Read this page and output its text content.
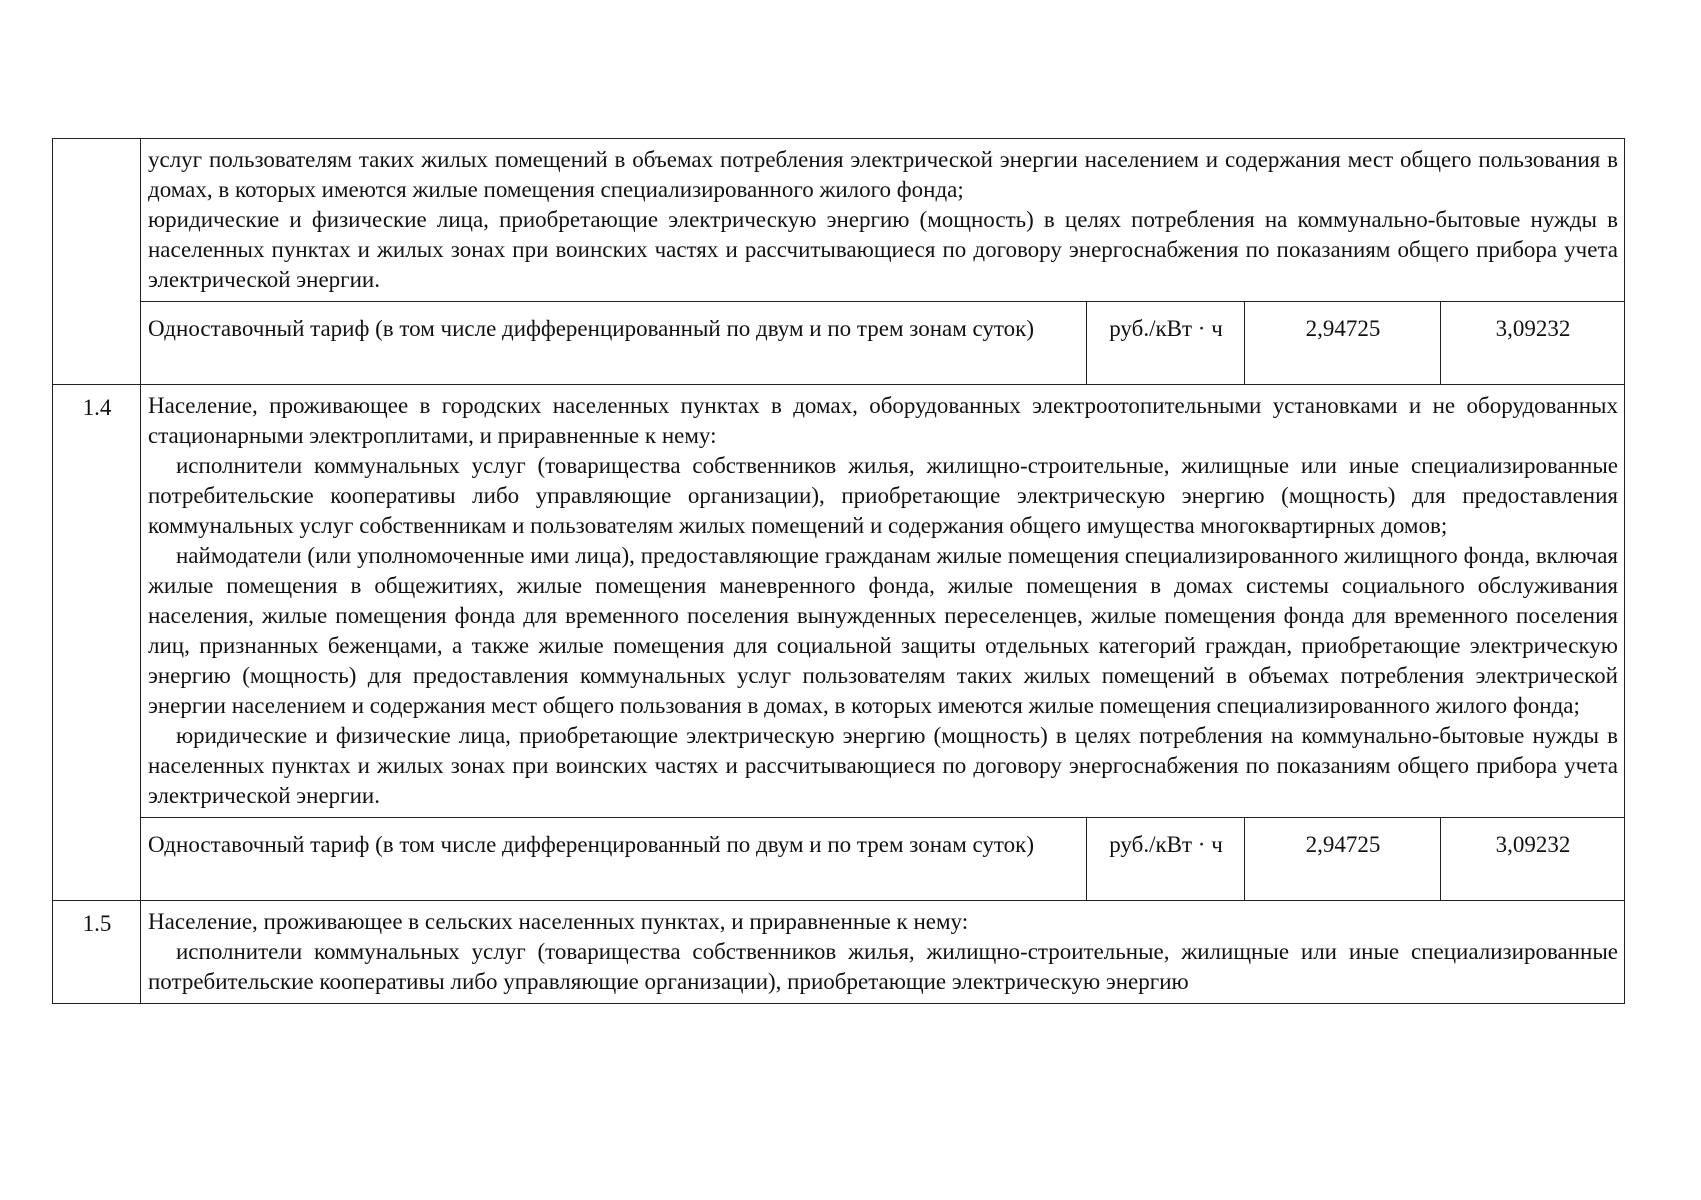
	услуг пользователям таких жилых помещений в объемах потребления электрической энергии населением и содержания мест общего пользования в домах, в которых имеются жилые помещения специализированного жилого фонда;

юридические и физические лица, приобретающие электрическую энергию (мощность) в целях потребления на коммунально-бытовые нужды в населенных пунктах и жилых зонах при воинских частях и рассчитывающиеся по договору энергоснабжения по показаниям общего прибора учета электрической энергии.			

	Одноставочный тариф (в том числе дифференцированный по двум и по трем зонам суток)	руб./кВт · ч	2,94725	3,09232
1.4	Население, проживающее в городских населенных пунктах в домах, оборудованных электроотопительными установками и не оборудованных стационарными электроплитами, и приравненные к нему:

исполнители коммунальных услуг (товарищества собственников жилья, жилищно-строительные, жилищные или иные специализированные потребительские кооперативы либо управляющие организации), приобретающие электрическую энергию (мощность) для предоставления коммунальных услуг собственникам и пользователям жилых помещений и содержания общего имущества многоквартирных домов;

наймодатели (или уполномоченные ими лица), предоставляющие гражданам жилые помещения специализированного жилищного фонда, включая жилые помещения в общежитиях, жилые помещения маневренного фонда, жилые помещения в домах системы социального обслуживания населения, жилые помещения фонда для временного поселения вынужденных переселенцев, жилые помещения фонда для временного поселения лиц, признанных беженцами, а также жилые помещения для социальной защиты отдельных категорий граждан, приобретающие электрическую энергию (мощность) для предоставления коммунальных услуг пользователям таких жилых помещений в объемах потребления электрической энергии населением и содержания мест общего пользования в домах, в которых имеются жилые помещения специализированного жилого фонда;

юридические и физические лица, приобретающие электрическую энергию (мощность) в целях потребления на коммунально-бытовые нужды в населенных пунктах и жилых зонах при воинских частях и рассчитывающиеся по договору энергоснабжения по показаниям общего прибора учета электрической энергии.			

	Одноставочный тариф (в том числе дифференцированный по двум и по трем зонам суток)	руб./кВт · ч	2,94725	3,09232
1.5	Население, проживающее в сельских населенных пунктах, и приравненные к нему:

исполнители коммунальных услуг (товарищества собственников жилья, жилищно-строительные, жилищные или иные специализированные потребительские кооперативы либо управляющие организации), приобретающие электрическую энергию			
